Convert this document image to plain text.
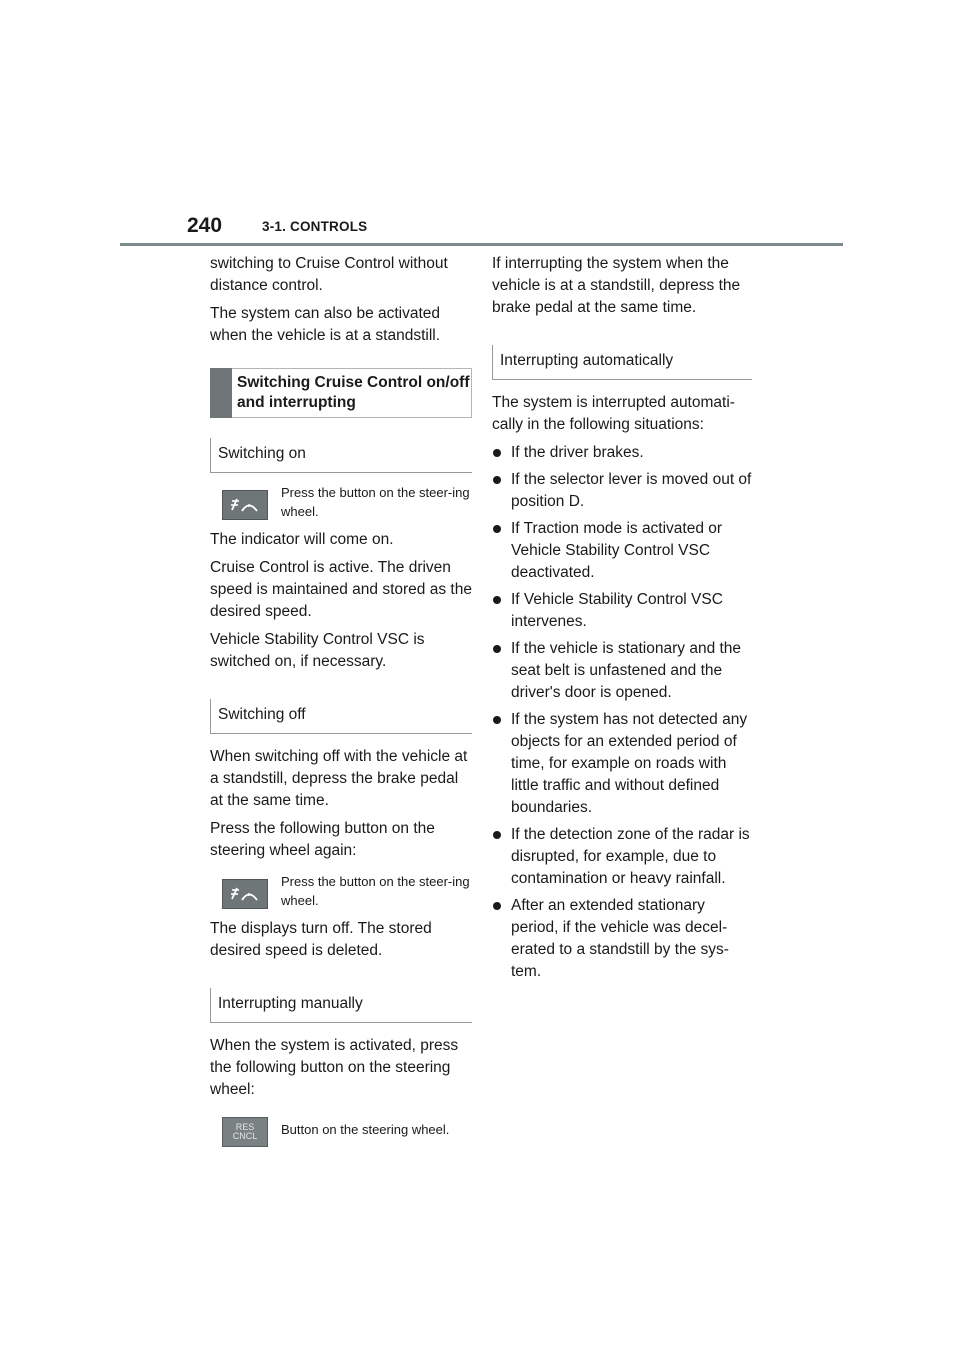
240	3-1. CONTROLS

switching to Cruise Control without distance control.

The system can also be activated when the vehicle is at a standstill.

Switching Cruise Control on/off and interrupting
Switching on
Press the button on the steer-ing wheel.

The indicator will come on.

Cruise Control is active. The driven speed is maintained and stored as the desired speed.

Vehicle Stability Control VSC is switched on, if necessary.

Switching off

When switching off with the vehicle at a standstill, depress the brake pedal at the same time.

Press the following button on the steering wheel again:

Press the button on the steer-ing wheel.

The displays turn off. The stored desired speed is deleted.

Interrupting manually

When the system is activated, press the following button on the steering wheel:

RES
CNCL Button on the steering wheel.

If interrupting the system when the vehicle is at a standstill, depress the brake pedal at the same time.

Interrupting automatically

The system is interrupted automati-cally in the following situations:

If the driver brakes.
If the selector lever is moved out of position D.
If Traction mode is activated or Vehicle Stability Control VSC deactivated.
If Vehicle Stability Control VSC intervenes.
If the vehicle is stationary and the seat belt is unfastened and the driver's door is opened.
If the system has not detected any objects for an extended period of time, for example on roads with little traffic and without defined boundaries.
If the detection zone of the radar is disrupted, for example, due to contamination or heavy rainfall.
After an extended stationary period, if the vehicle was decel-erated to a standstill by the sys-tem.
